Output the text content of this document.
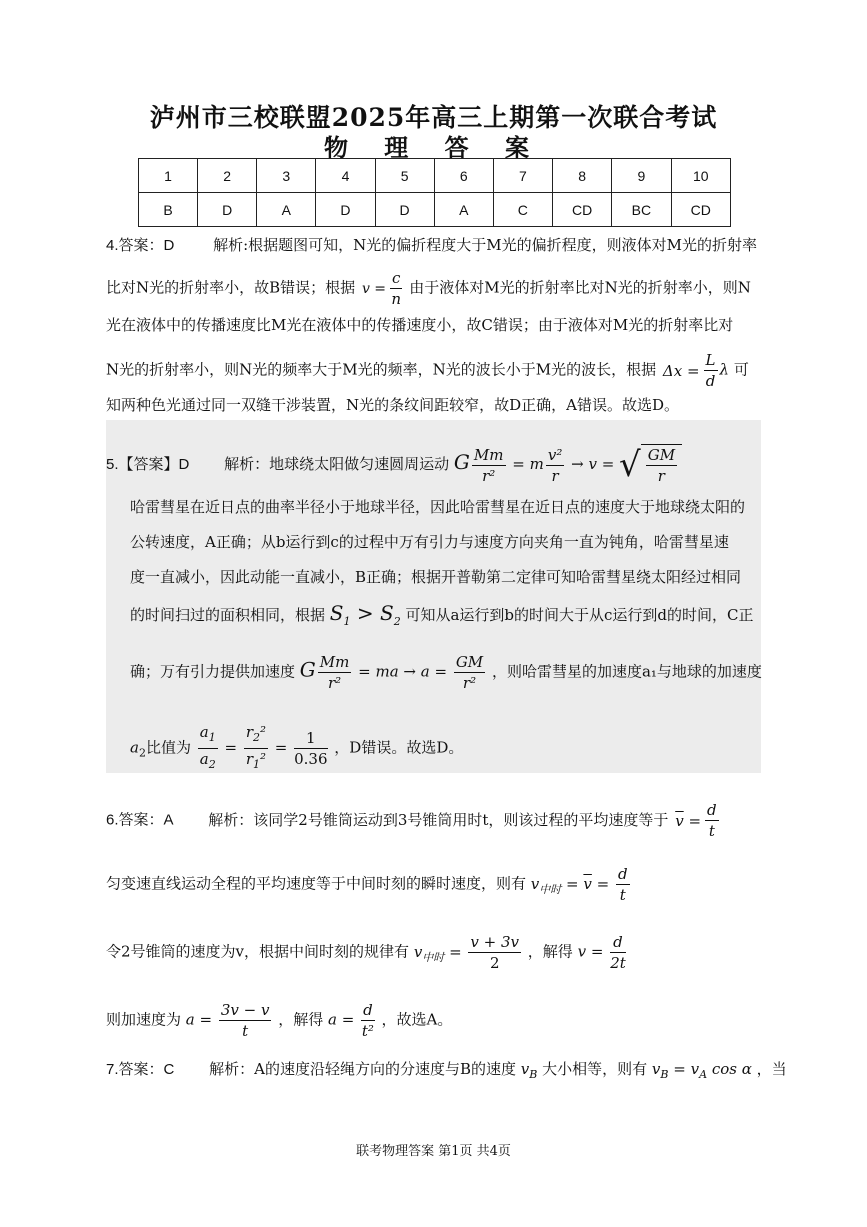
泸州市三校联盟2025年高三上期第一次联合考试
物 理 答 案
1	2	3	4	5	6	7	8	9	10
B	D	A	D	D	A	C	CD	BC	CD
4.答案：D	解析:根据题图可知，N光的偏折程度大于M光的偏折程度，则液体对M光的折射率
比对N光的折射率小，故B错误；根据 $v = \frac{c}{n}$ 由于液体对M光的折射率比对N光的折射率小，则N
光在液体中的传播速度比M光在液体中的传播速度小，故C错误；由于液体对M光的折射率比对
N光的折射率小，则N光的频率大于M光的频率，N光的波长小于M光的波长，根据 $\Delta x = \frac{L}{d}$ λ 可
知两种色光通过同一双缝干涉装置，N光的条纹间距较窄，故D正确，A错误。故选D。
5.【答案】D 解析：地球绕太阳做匀速圆周运动 G $\frac{Mm}{\text{r²}} = m \frac{\text{v²}}{r} \to v$ = √ $\frac{GM}{r}$
哈雷彗星在近日点的曲率半径小于地球半径，因此哈雷彗星在近日点的速度大于地球绕太阳的
公转速度，A正确；从b运行到c的过程中万有引力与速度方向夹角一直为钝角，哈雷彗星速
度一直减小，因此动能一直减小，B正确；根据开普勒第二定律可知哈雷彗星绕太阳经过相同
的时间扫过的面积相同，根据 $S_1 > S_2$ 可知从a运行到b的时间大于从c运行到d的时间，C正
确；万有引力提供加速度 G $\frac{Mm}{\text{r²}}$ = ma → $a = \frac{GM}{\text{r²}}$ ，则哈雷彗星的加速度a₁与地球的加速度
$a_2$比值为 $\frac{a_1}{a_2} = \frac{r_2^2}{r_1^2} = \frac{1}{0.36}$ ，D错误。故选D。
6.答案：A 解析：该同学2号锥筒运动到3号锥筒用时t，则该过程的平均速度等于 $\overline{v} = \frac{d}{t}$
匀变速直线运动全程的平均速度等于中间时刻的瞬时速度，则有 $v_{中时} = \overline{v} = \frac{d}{t}$
令2号锥筒的速度为v，根据中间时刻的规律有 $v_{中时} = \frac{v + 3v}{2}$ ，解得 $v = \frac{d}{2t}$
则加速度为 $a = \frac{3v - v}{t}$ ，解得 $a = \frac{d}{\text{t²}}$ ，故选A。
7.答案：C 解析：A的速度沿轻绳方向的分速度与B的速度 $v_B$ 大小相等，则有 $v_B = v_A$ cos α ，当
联考物理答案 第1页 共4页
